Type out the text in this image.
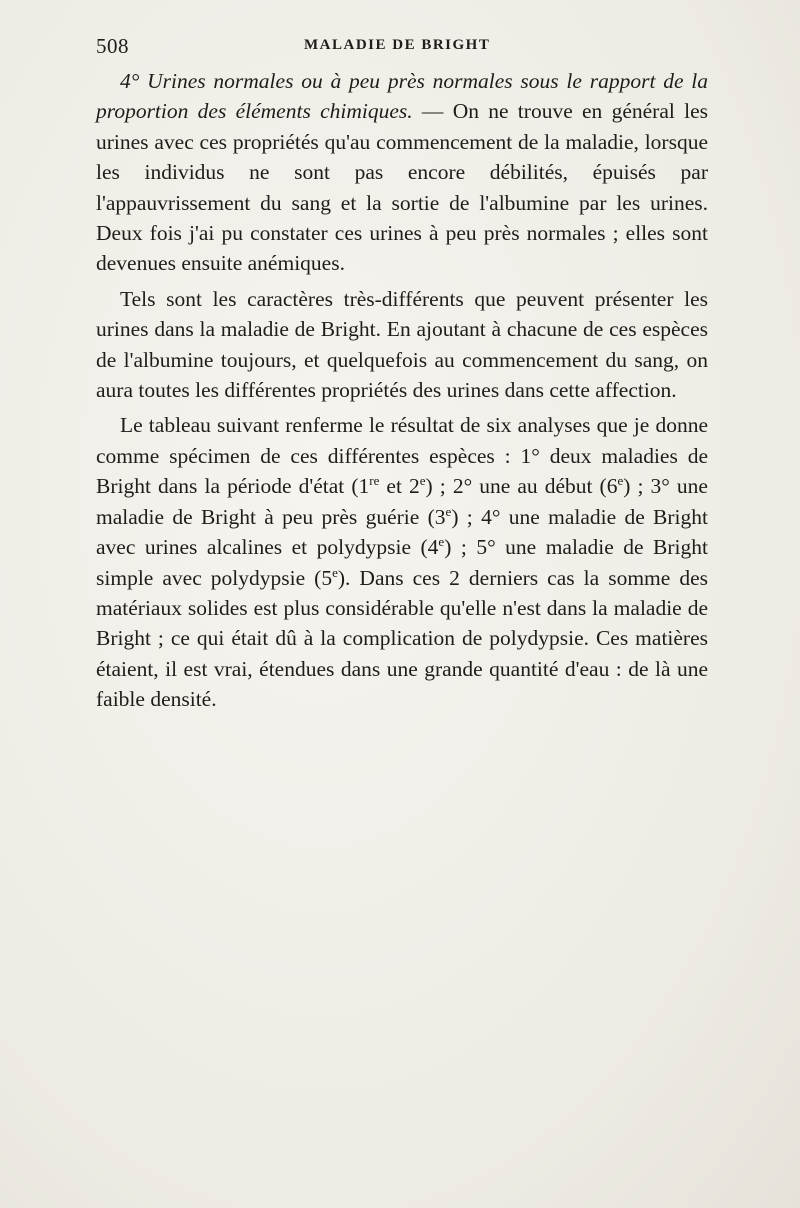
508	MALADIE DE BRIGHT

4° Urines normales ou à peu près normales sous le rapport de la proportion des éléments chimiques. — On ne trouve en général les urines avec ces propriétés qu'au commencement de la maladie, lorsque les individus ne sont pas encore débilités, épuisés par l'appauvrissement du sang et la sortie de l'albumine par les urines. Deux fois j'ai pu constater ces urines à peu près normales ; elles sont devenues ensuite anémiques.

Tels sont les caractères très-différents que peuvent présenter les urines dans la maladie de Bright. En ajoutant à chacune de ces espèces de l'albumine toujours, et quelquefois au commencement du sang, on aura toutes les différentes propriétés des urines dans cette affection.

Le tableau suivant renferme le résultat de six analyses que je donne comme spécimen de ces différentes espèces : 1° deux maladies de Bright dans la période d'état (1re et 2e) ; 2° une au début (6e) ; 3° une maladie de Bright à peu près guérie (3e) ; 4° une maladie de Bright avec urines alcalines et polydypsie (4e) ; 5° une maladie de Bright simple avec polydypsie (5e). Dans ces 2 derniers cas la somme des matériaux solides est plus considérable qu'elle n'est dans la maladie de Bright ; ce qui était dû à la complication de polydypsie. Ces matières étaient, il est vrai, étendues dans une grande quantité d'eau : de là une faible densité.
